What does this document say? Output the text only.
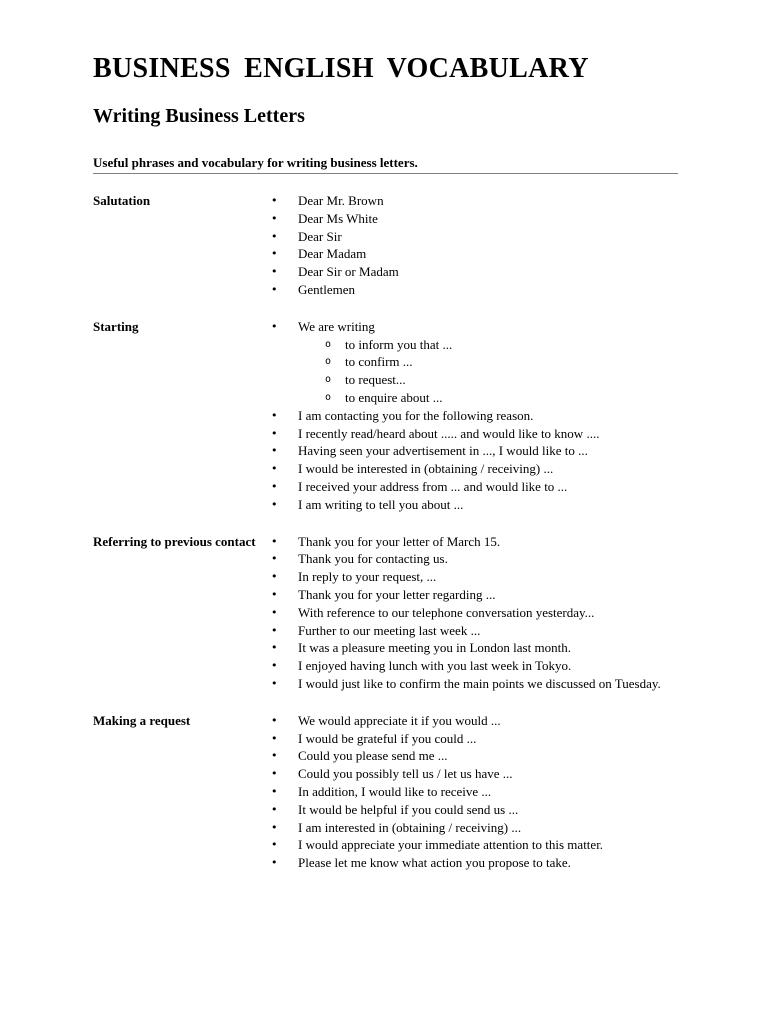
BUSINESS ENGLISH VOCABULARY
Writing Business Letters
Useful phrases and vocabulary for writing business letters.
Salutation	• Dear Mr. Brown
• Dear Ms White
• Dear Sir
• Dear Madam
• Dear Sir or Madam
• Gentlemen
Starting	• We are writing
o to inform you that ...
o to confirm ...
o to request...
o to enquire about ...
• I am contacting you for the following reason.
• I recently read/heard about ..... and would like to know ....
• Having seen your advertisement in ..., I would like to ...
• I would be interested in (obtaining / receiving) ...
• I received your address from ... and would like to ...
• I am writing to tell you about ...
Referring to previous contact	• Thank you for your letter of March 15.
• Thank you for contacting us.
• In reply to your request, ...
• Thank you for your letter regarding ...
• With reference to our telephone conversation yesterday...
• Further to our meeting last week ...
• It was a pleasure meeting you in London last month.
• I enjoyed having lunch with you last week in Tokyo.
• I would just like to confirm the main points we discussed on Tuesday.
Making a request	• We would appreciate it if you would ...
• I would be grateful if you could ...
• Could you please send me ...
• Could you possibly tell us / let us have ...
• In addition, I would like to receive ...
• It would be helpful if you could send us ...
• I am interested in (obtaining / receiving) ...
• I would appreciate your immediate attention to this matter.
• Please let me know what action you propose to take.
